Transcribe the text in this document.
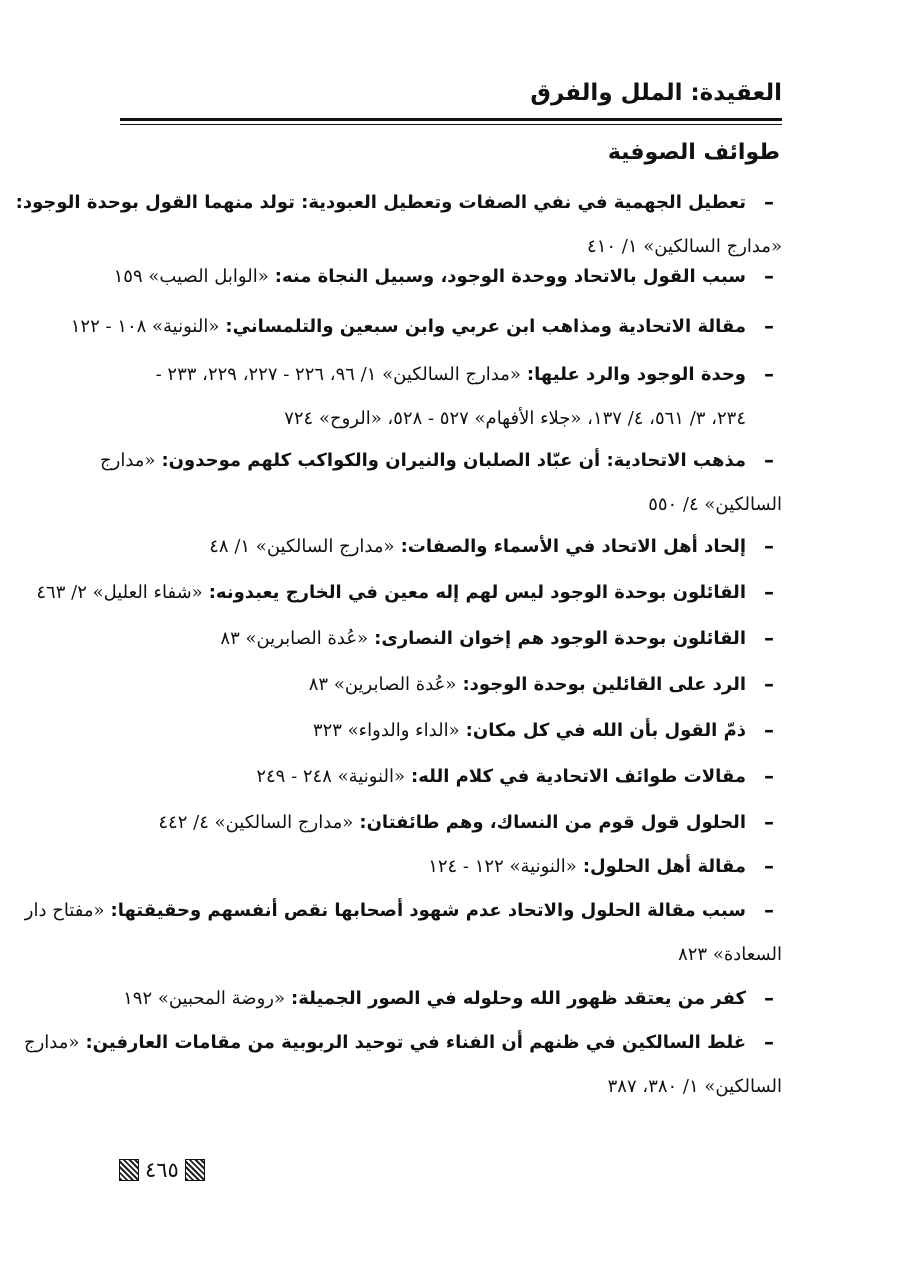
العقيدة: الملل والفرق
طوائف الصوفية
–
تعطيل الجهمية في نفي الصفات وتعطيل العبودية: تولد منهما القول بوحدة الوجود:
«مدارج السالكين» ١/ ٤١٠
–
سبب القول بالاتحاد ووحدة الوجود، وسبيل النجاة منه: «الوابل الصيب» ١٥٩
–
مقالة الاتحادية ومذاهب ابن عربي وابن سبعين والتلمساني: «النونية» ١٠٨ - ١٢٢
–
وحدة الوجود والرد عليها: «مدارج السالكين» ١/ ٩٦، ٢٢٦ - ٢٢٧، ٢٢٩، ٢٣٣ -
٢٣٤، ٣/ ٥٦١، ٤/ ١٣٧، «جلاء الأفهام» ٥٢٧ - ٥٢٨، «الروح» ٧٢٤
–
مذهب الاتحادية: أن عبّاد الصلبان والنيران والكواكب كلهم موحدون: «مدارج
السالكين» ٤/ ٥٥٠
–
إلحاد أهل الاتحاد في الأسماء والصفات: «مدارج السالكين» ١/ ٤٨
–
القائلون بوحدة الوجود ليس لهم إله معين في الخارج يعبدونه: «شفاء العليل» ٢/ ٤٦٣
–
القائلون بوحدة الوجود هم إخوان النصارى: «عُدة الصابرين» ٨٣
–
الرد على القائلين بوحدة الوجود: «عُدة الصابرين» ٨٣
–
ذمّ القول بأن الله في كل مكان: «الداء والدواء» ٣٢٣
–
مقالات طوائف الاتحادية في كلام الله: «النونية» ٢٤٨ - ٢٤٩
–
الحلول قول قوم من النساك، وهم طائفتان: «مدارج السالكين» ٤/ ٤٤٢
–
مقالة أهل الحلول: «النونية» ١٢٢ - ١٢٤
–
سبب مقالة الحلول والاتحاد عدم شهود أصحابها نقص أنفسهم وحقيقتها: «مفتاح دار
السعادة» ٨٢٣
–
كفر من يعتقد ظهور الله وحلوله في الصور الجميلة: «روضة المحبين» ١٩٢
–
غلط السالكين في ظنهم أن الفناء في توحيد الربوبية من مقامات العارفين: «مدارج
السالكين» ١/ ٣٨٠، ٣٨٧
٤٦٥
